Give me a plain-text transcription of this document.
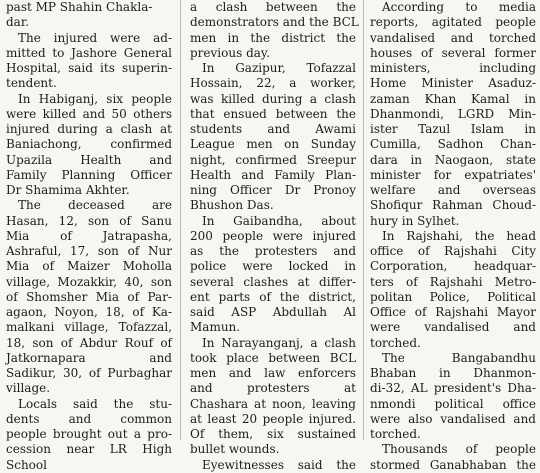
past MP Shahin Chaklа-
dar.
The injured were ad-
mitted to Jashore General
Hospital, said its superin-
tendent.
In Habiganj, six people
were killed and 50 others
injured during a clash at
Baniachong, confirmed
Upazila Health and
Family Planning Officer
Dr Shamima Akhter.
The deceased are
Hasan, 12, son of Sanu
Mia of Jatrapasha,
Ashraful, 17, son of Nur
Mia of Maizer Moholla
village, Mozakkir, 40, son
of Shomsher Mia of Par-
agaon, Noyon, 18, of Ka-
malkani village, Tofazzal,
18, son of Abdur Rouf of
Jatkornapara and
Sadikur, 30, of Purbaghar
village.
Locals said the stu-
dents and common
people brought out a pro-
cession near LR High
School
a clash between the
demonstrators and the BCL
men in the district the
previous day.
In Gazipur, Tofazzal
Hossain, 22, a worker,
was killed during a clash
that ensued between the
students and Awami
League men on Sunday
night, confirmed Sreepur
Health and Family Plan-
ning Officer Dr Pronoy
Bhushon Das.
In Gaibandha, about
200 people were injured
as the protesters and
police were locked in
several clashes at differ-
ent parts of the district,
said ASP Abdullah Al
Mamun.
In Narayanganj, a clash
took place between BCL
men and law enforcers
and protesters at
Chashara at noon, leaving
at least 20 people injured.
Of them, six sustained
bullet wounds.
Eyewitnesses said the
According to media
reports, agitated people
vandalised and torched
houses of several former
ministers, including
Home Minister Asaduz-
zaman Khan Kamal in
Dhanmondi, LGRD Min-
ister Tazul Islam in
Cumilla, Sadhon Chan-
dara in Naogaon, state
minister for expatriates'
welfare and overseas
Shofiqur Rahman Choud-
hury in Sylhet.
In Rajshahi, the head
office of Rajshahi City
Corporation, headquar-
ters of Rajshahi Metro-
politan Police, Political
Office of Rajshahi Mayor
were vandalised and
torched.
The Bangabandhu
Bhaban in Dhanmon-
di-32, AL president's Dha-
nmondi political office
were also vandalised and
torched.
Thousands of people
stormed Ganabhaban the
